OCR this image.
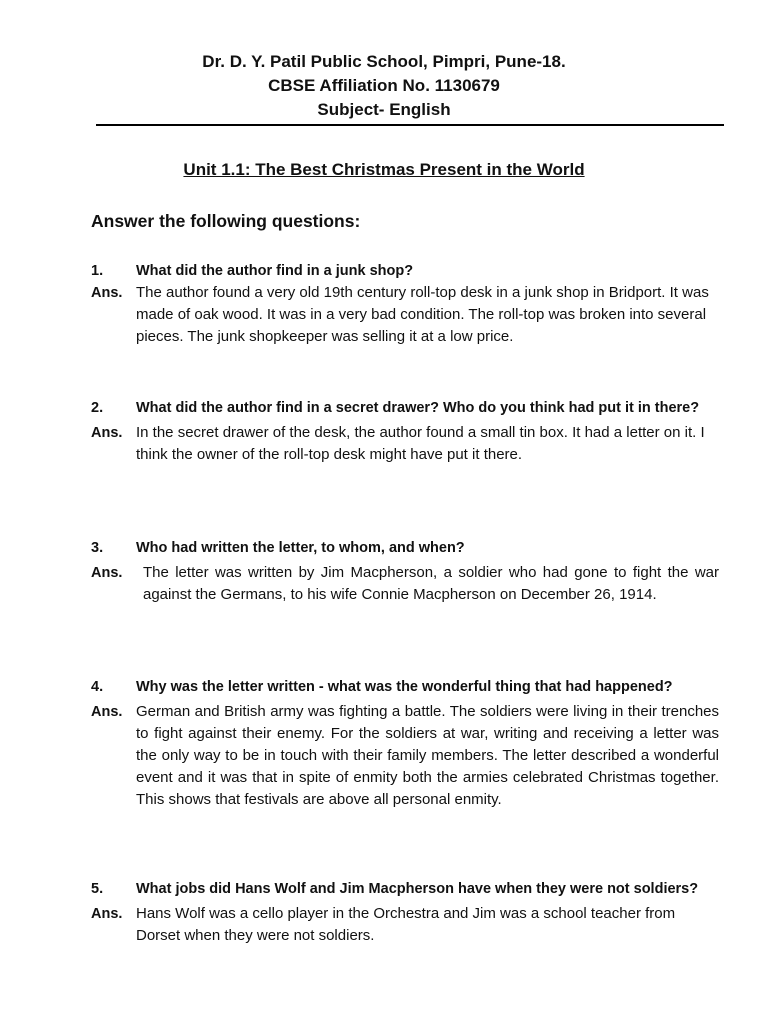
Dr. D. Y. Patil Public School, Pimpri, Pune-18.
CBSE Affiliation No. 1130679
Subject- English
Unit 1.1: The Best Christmas Present in the World
Answer the following questions:
1.	What did the author find in a junk shop?
Ans. The author found a very old 19th century roll-top desk in a junk shop in Bridport. It was made of oak wood. It was in a very bad condition. The roll-top was broken into several pieces. The junk shopkeeper was selling it at a low price.
2.	What did the author find in a secret drawer? Who do you think had put it in there?
Ans. In the secret drawer of the desk, the author found a small tin box. It had a letter on it. I think the owner of the roll-top desk might have put it there.
3.	Who had written the letter, to whom, and when?
Ans.	The letter was written by Jim Macpherson, a soldier who had gone to fight the war against the Germans, to his wife Connie Macpherson on December 26, 1914.
4.	Why was the letter written - what was the wonderful thing that had happened?
Ans. German and British army was fighting a battle. The soldiers were living in their trenches to fight against their enemy. For the soldiers at war, writing and receiving a letter was the only way to be in touch with their family members. The letter described a wonderful event and it was that in spite of enmity both the armies celebrated Christmas together. This shows that festivals are above all personal enmity.
5.	What jobs did Hans Wolf and Jim Macpherson have when they were not soldiers?
Ans. Hans Wolf was a cello player in the Orchestra and Jim was a school teacher from Dorset when they were not soldiers.
